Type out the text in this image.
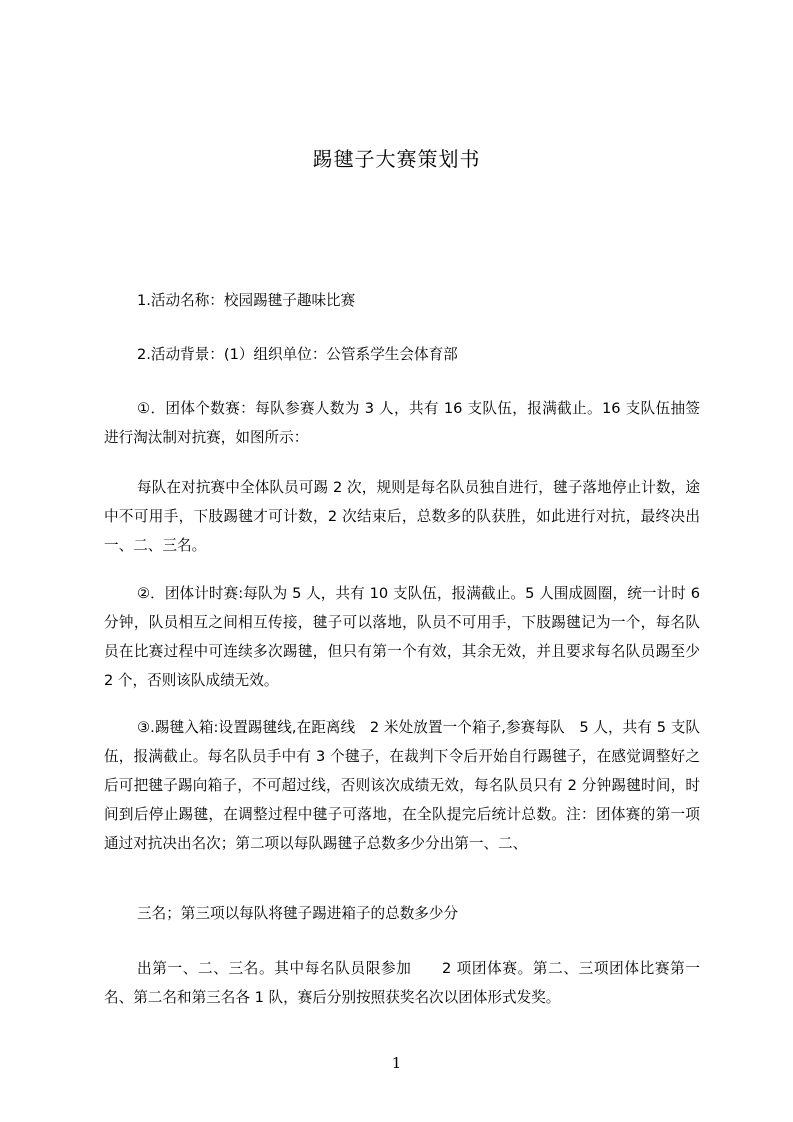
踢毽子大赛策划书
1.活动名称：校园踢毽子趣味比赛
2.活动背景：(1）组织单位：公管系学生会体育部
①．团体个数赛：每队参赛人数为 3 人，共有 16 支队伍，报满截止。16 支队伍抽签进行淘汰制对抗赛，如图所示：
每队在对抗赛中全体队员可踢 2 次，规则是每名队员独自进行，毽子落地停止计数，途中不可用手，下肢踢毽才可计数，2 次结束后，总数多的队获胜，如此进行对抗，最终决出一、二、三名。
②．团体计时赛:每队为 5 人，共有 10 支队伍，报满截止。5 人围成圆圈，统一计时 6 分钟，队员相互之间相互传接，毽子可以落地，队员不可用手，下肢踢毽记为一个，每名队员在比赛过程中可连续多次踢毽，但只有第一个有效，其余无效，并且要求每名队员踢至少 2 个，否则该队成绩无效。
③.踢毽入箱:设置踢毽线,在距离线　2 米处放置一个箱子,参赛每队　5 人，共有 5 支队伍，报满截止。每名队员手中有 3 个毽子，在裁判下令后开始自行踢毽子，在感觉调整好之后可把毽子踢向箱子，不可超过线，否则该次成绩无效，每名队员只有 2 分钟踢毽时间，时间到后停止踢毽，在调整过程中毽子可落地，在全队提完后统计总数。注：团体赛的第一项通过对抗决出名次；第二项以每队踢毽子总数多少分出第一、二、
三名；第三项以每队将毽子踢进箱子的总数多少分
出第一、二、三名。其中每名队员限参加　　2 项团体赛。第二、三项团体比赛第一名、第二名和第三名各 1 队，赛后分别按照获奖名次以团体形式发奖。
1
